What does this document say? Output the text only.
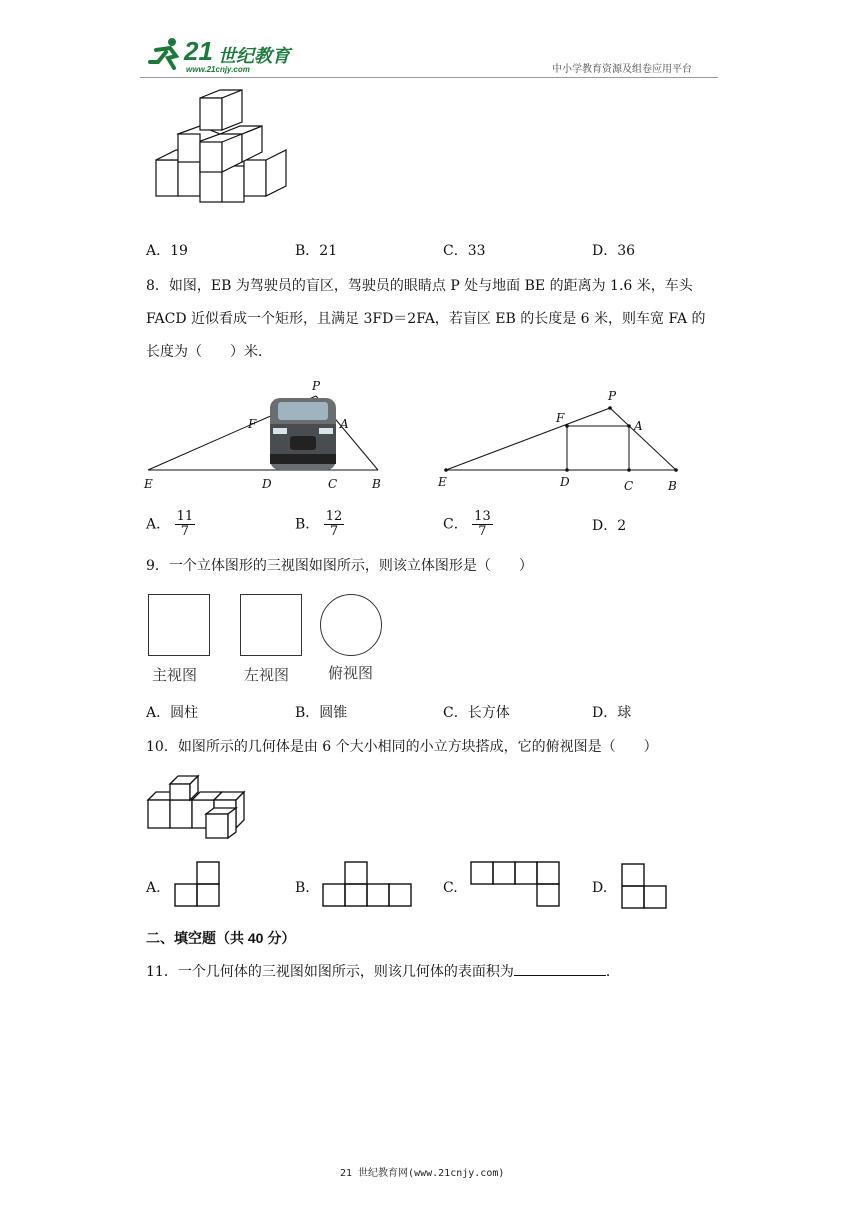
21 世纪教育
www.21cnjy.com	中小学教育资源及组卷应用平台
A．19	B．21	C．33	D．36
8．如图，EB 为驾驶员的盲区，驾驶员的眼睛点 P 处与地面 BE 的距离为 1.6 米，车头
FACD 近似看成一个矩形，且满足 3FD＝2FA，若盲区 EB 的长度是 6 米，则车宽 FA 的
长度为（　　）米．
P
F	A
E	D	C	B
P
F
A
E	D	C	B
A． $\frac{11}{7}$	B． $\frac{12}{7}$	C． $\frac{13}{7}$	D．2
9．一个立体图形的三视图如图所示，则该立体图形是（　　）
主视图	左视图	俯视图
A．圆柱	B．圆锥	C．长方体	D．球
10．如图所示的几何体是由 6 个大小相同的小立方块搭成，它的俯视图是（　　）
A.	B.	C.	D.
二、填空题（共 40 分）
11．一个几何体的三视图如图所示，则该几何体的表面积为	．
21 世纪教育网(www.21cnjy.com)
